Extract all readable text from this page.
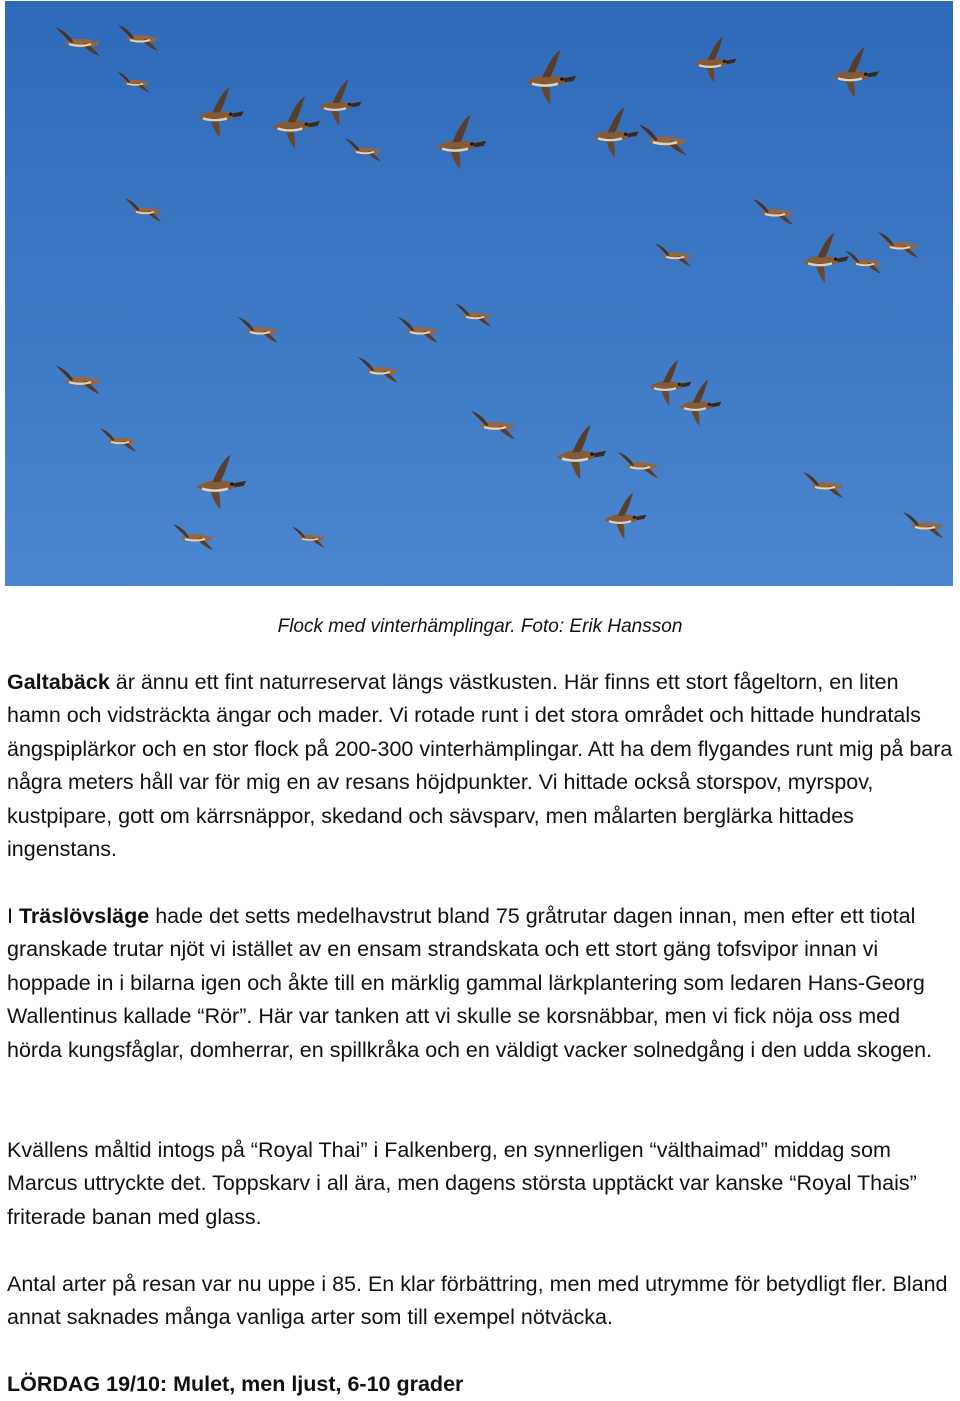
Flock med vinterhämplingar. Foto: Erik Hansson

Galtabäck är ännu ett fint naturreservat längs västkusten. Här finns ett stort fågeltorn, en liten hamn och vidsträckta ängar och mader. Vi rotade runt i det stora området och hittade hundratals ängspiplärkor och en stor flock på 200-300 vinterhämplingar. Att ha dem flygandes runt mig på bara några meters håll var för mig en av resans höjdpunkter. Vi hittade också storspov, myrspov, kustpipare, gott om kärrsnäppor, skedand och sävsparv, men målarten berglärka hittades ingenstans.

I Träslövsläge hade det setts medelhavstrut bland 75 gråtrutar dagen innan, men efter ett tiotal granskade trutar njöt vi istället av en ensam strandskata och ett stort gäng tofsvipor innan vi hoppade in i bilarna igen och åkte till en märklig gammal lärkplantering som ledaren Hans-Georg Wallentinus kallade “Rör”. Här var tanken att vi skulle se korsnäbbar, men vi fick nöja oss med hörda kungsfåglar, domherrar, en spillkråka och en väldigt vacker solnedgång i den udda skogen.

Kvällens måltid intogs på “Royal Thai” i Falkenberg, en synnerligen “välthaimad” middag som Marcus uttryckte det. Toppskarv i all ära, men dagens största upptäckt var kanske “Royal Thais” friterade banan med glass.

Antal arter på resan var nu uppe i 85. En klar förbättring, men med utrymme för betydligt fler. Bland annat saknades många vanliga arter som till exempel nötväcka.

LÖRDAG 19/10: Mulet, men ljust, 6-10 grader
